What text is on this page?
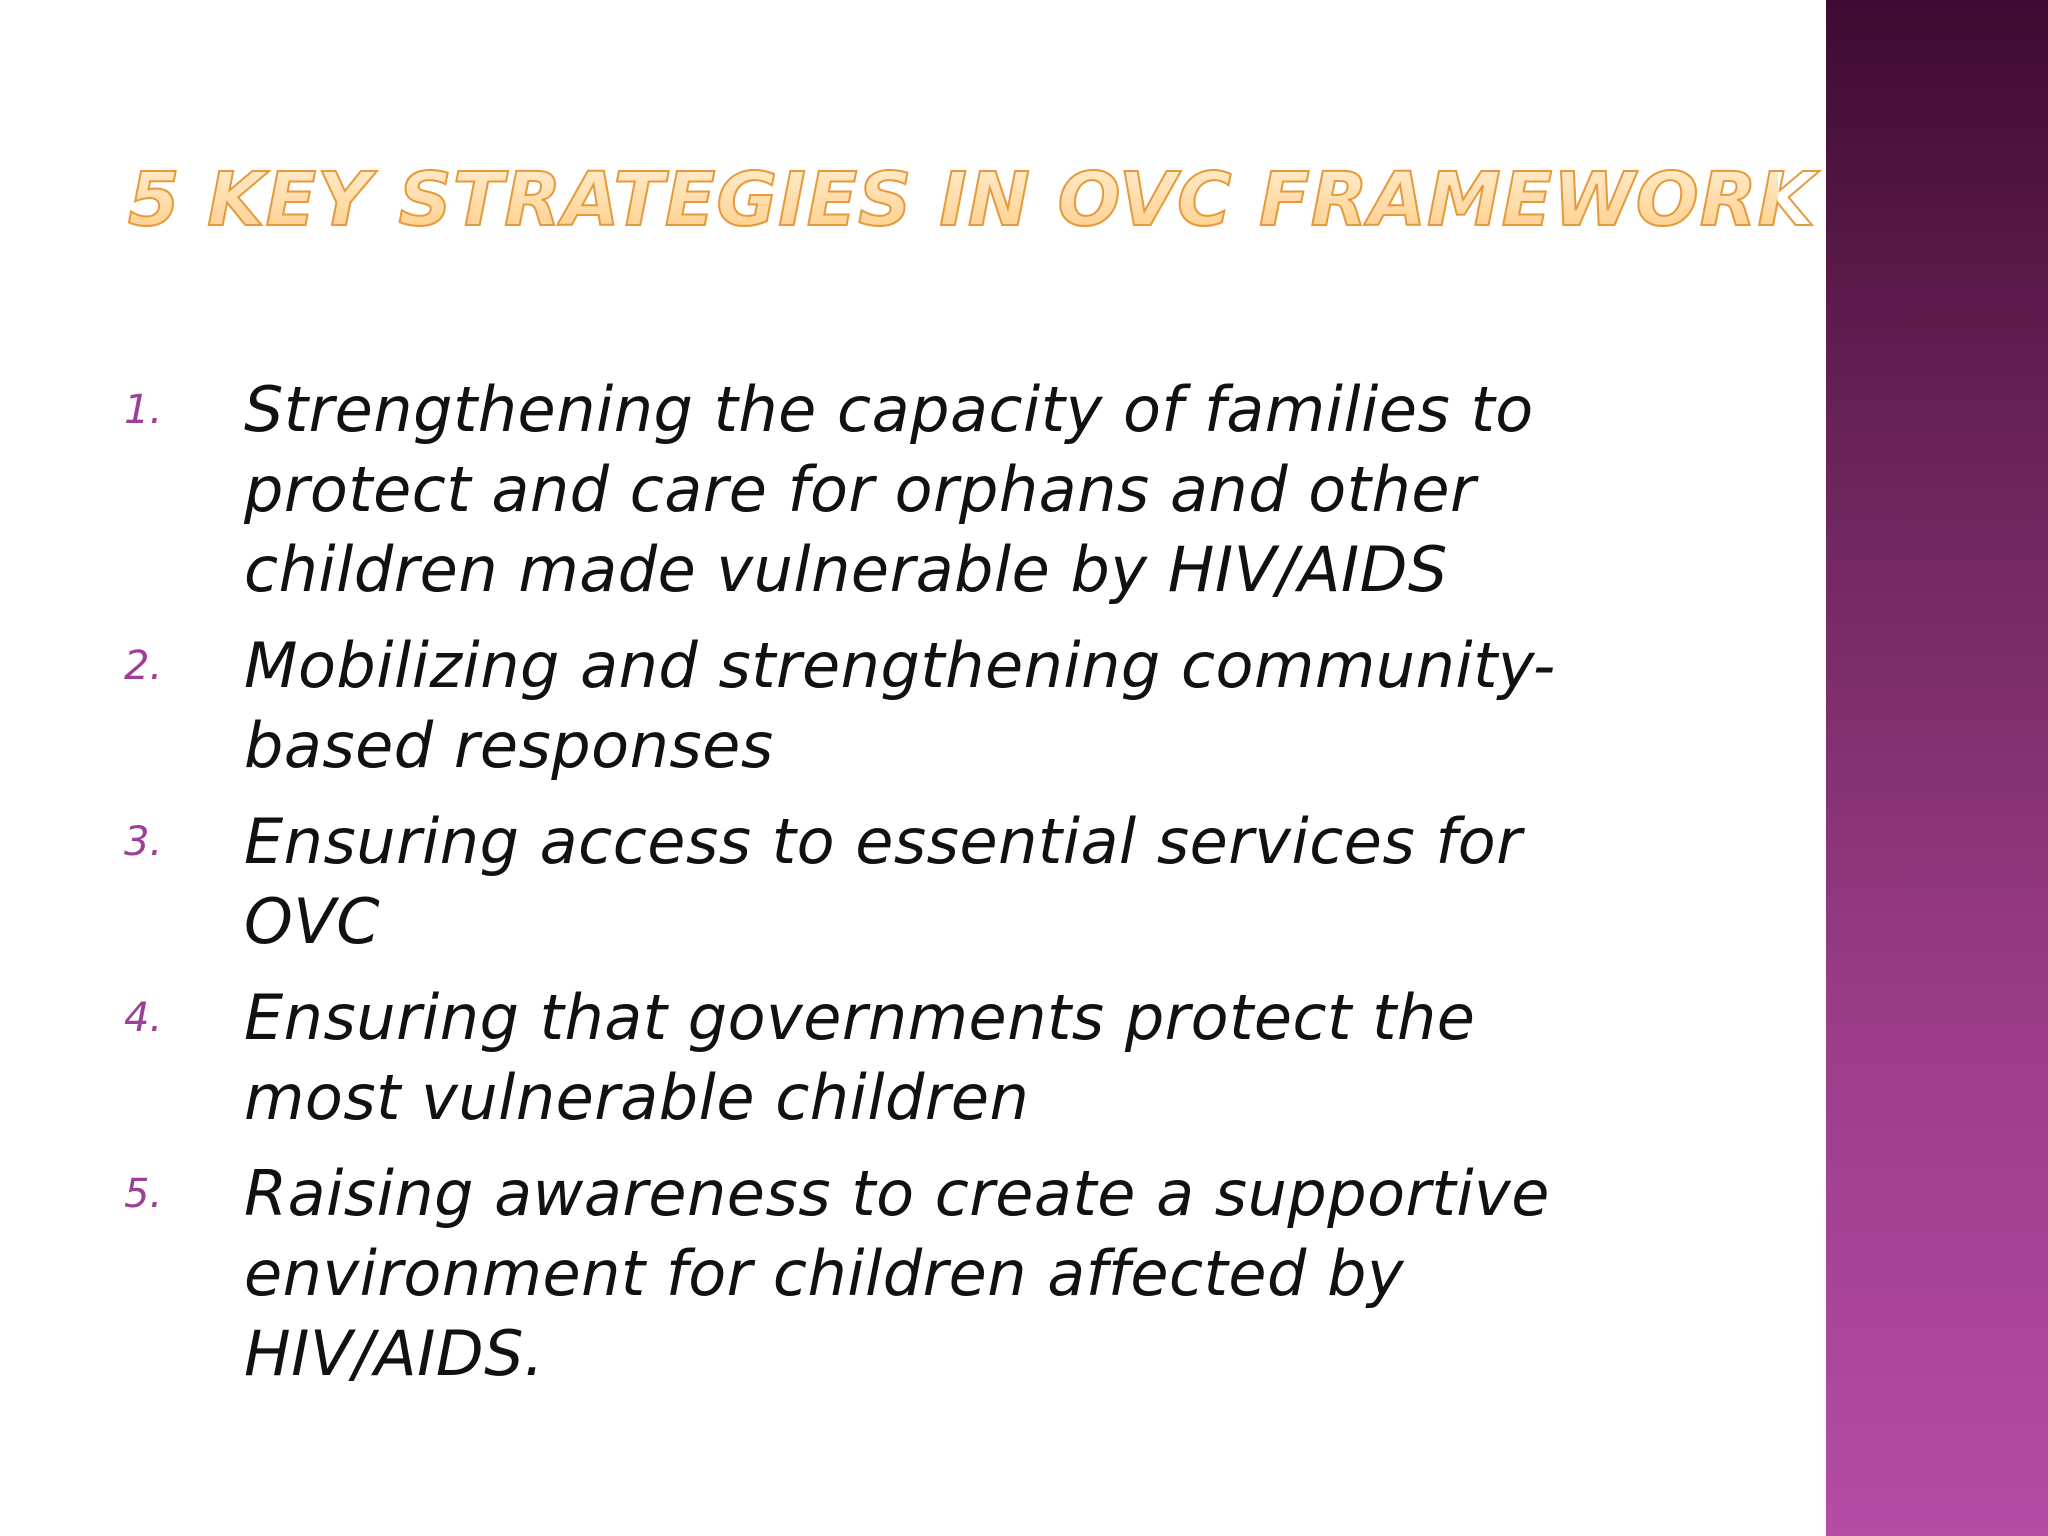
5 KEY STRATEGIES IN OVC FRAMEWORK
1.	Strengthening the capacity of families to protect and care for orphans and other children made vulnerable by HIV/AIDS
2.	Mobilizing and strengthening community-based responses
3.	Ensuring access to essential services for OVC
4.	Ensuring that governments protect the most vulnerable children
5.	Raising awareness to create a supportive environment for children affected by HIV/AIDS.
